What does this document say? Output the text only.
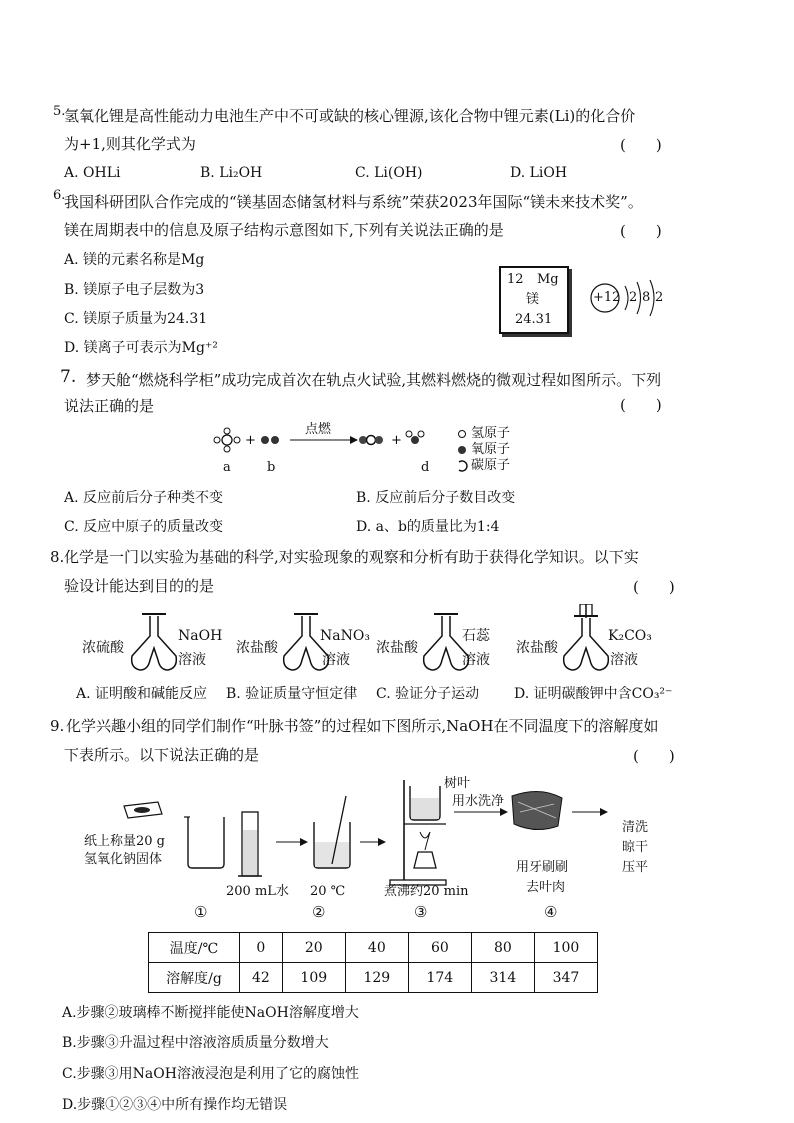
5.
氢氧化锂是高性能动力电池生产中不可或缺的核心锂源,该化合物中锂元素(Li)的化合价
为+1,则其化学式为	(　　)
A. OHLi	B. Li₂OH	C. Li(OH)	D. LiOH
6.
我国科研团队合作完成的“镁基固态储氢材料与系统”荣获2023年国际“镁未来技术奖”。
镁在周期表中的信息及原子结构示意图如下,下列有关说法正确的是	(　　)
A. 镁的元素名称是Mg
B. 镁原子电子层数为3
C. 镁原子质量为24.31
D. 镁离子可表示为Mg⁺²
12 Mg
镁
24.31
+12 2 8 2
7. 梦天舱“燃烧科学柜”成功完成首次在轨点火试验,其燃料燃烧的微观过程如图所示。下列
说法正确的是	(　　)
+	+
点燃
a	b	d
氢原子
氧原子
碳原子
A. 反应前后分子种类不变	B. 反应前后分子数目改变
C. 反应中原子的质量改变	D. a、b的质量比为1:4
8. 化学是一门以实验为基础的科学,对实验现象的观察和分析有助于获得化学知识。以下实
验设计能达到目的的是	(　　)
浓硫酸
NaOH
溶液
浓盐酸
NaNO₃
溶液
浓盐酸
石蕊
溶液
浓盐酸
K₂CO₃
溶液
A. 证明酸和碱能反应 B. 验证质量守恒定律 C. 验证分子运动 D. 证明碳酸钾中含CO₃²⁻
9. 化学兴趣小组的同学们制作“叶脉书签”的过程如下图所示,NaOH在不同温度下的溶解度如
下表所示。以下说法正确的是	(　　)
纸上称量20 g
氢氧化钠固体
200 mL水 20 ℃
树叶
用水洗净
煮沸约20 min
用牙刷刷
去叶肉
清洗
晾干
压平
①	②	③	④
温度/℃	0	20	40	60	80	100
溶解度/g	42	109	129	174	314	347
A.步骤②玻璃棒不断搅拌能使NaOH溶解度增大
B.步骤③升温过程中溶液溶质质量分数增大
C.步骤③用NaOH溶液浸泡是利用了它的腐蚀性
D.步骤①②③④中所有操作均无错误
